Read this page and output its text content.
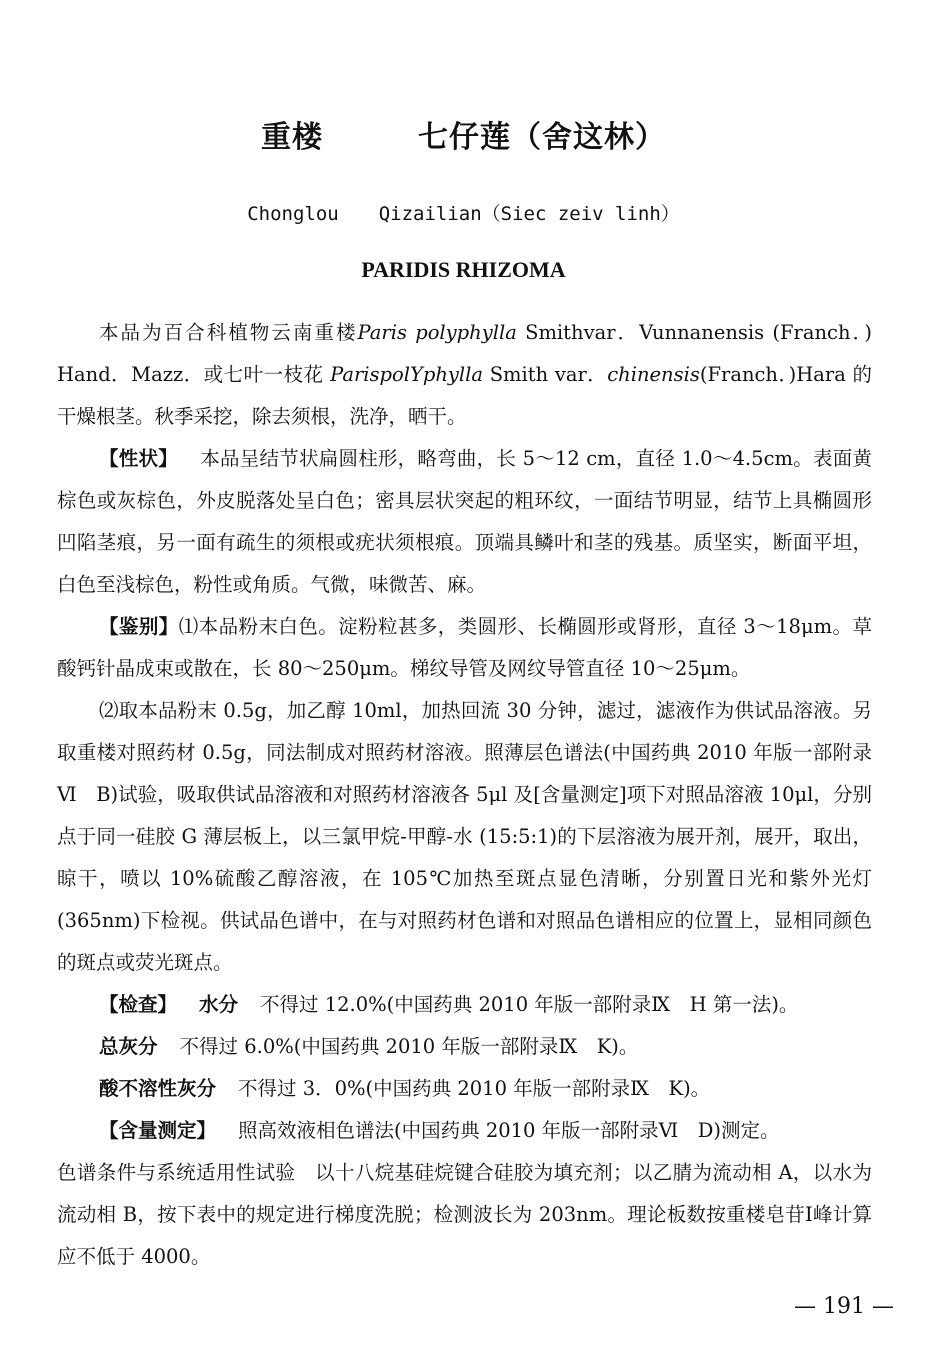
重楼	七仔莲（舍这林）
Chonglou Qizailian（Siec zeiv linh）
PARIDIS RHIZOMA

本品为百合科植物云南重楼Paris polyphylla Smithvar．Vunnanensis (Franch．) Hand．Mazz．或七叶一枝花 ParispolYphylla Smith var．chinensis(Franch．)Hara 的干燥根茎。秋季采挖，除去须根，洗净，晒干。

【性状】 本品呈结节状扁圆柱形，略弯曲，长 5～12 cm，直径 1.0～4.5cm。表面黄棕色或灰棕色，外皮脱落处呈白色；密具层状突起的粗环纹，一面结节明显，结节上具椭圆形凹陷茎痕，另一面有疏生的须根或疣状须根痕。顶端具鳞叶和茎的残基。质坚实，断面平坦，白色至浅棕色，粉性或角质。气微，味微苦、麻。

【鉴别】⑴本品粉末白色。淀粉粒甚多，类圆形、长椭圆形或肾形，直径 3～18μm。草酸钙针晶成束或散在，长 80～250μm。梯纹导管及网纹导管直径 10～25μm。

⑵取本品粉末 0.5g，加乙醇 10ml，加热回流 30 分钟，滤过，滤液作为供试品溶液。另取重楼对照药材 0.5g，同法制成对照药材溶液。照薄层色谱法(中国药典 2010 年版一部附录Ⅵ　B)试验，吸取供试品溶液和对照药材溶液各 5μl 及[含量测定]项下对照品溶液 10μl，分别点于同一硅胶 G 薄层板上，以三氯甲烷-甲醇-水 (15:5:1)的下层溶液为展开剂，展开，取出，晾干，喷以 10%硫酸乙醇溶液，在 105℃加热至斑点显色清晰，分别置日光和紫外光灯(365nm)下检视。供试品色谱中，在与对照药材色谱和对照品色谱相应的位置上，显相同颜色的斑点或荧光斑点。

【检查】 水分 不得过 12.0%(中国药典 2010 年版一部附录Ⅸ　H 第一法)。

总灰分 不得过 6.0%(中国药典 2010 年版一部附录Ⅸ　K)。

酸不溶性灰分 不得过 3．0%(中国药典 2010 年版一部附录Ⅸ　K)。

【含量测定】 照高效液相色谱法(中国药典 2010 年版一部附录Ⅵ　D)测定。

色谱条件与系统适用性试验　以十八烷基硅烷键合硅胶为填充剂；以乙腈为流动相 A，以水为流动相 B，按下表中的规定进行梯度洗脱；检测波长为 203nm。理论板数按重楼皂苷Ⅰ峰计算应不低于 4000。

— 191 —
